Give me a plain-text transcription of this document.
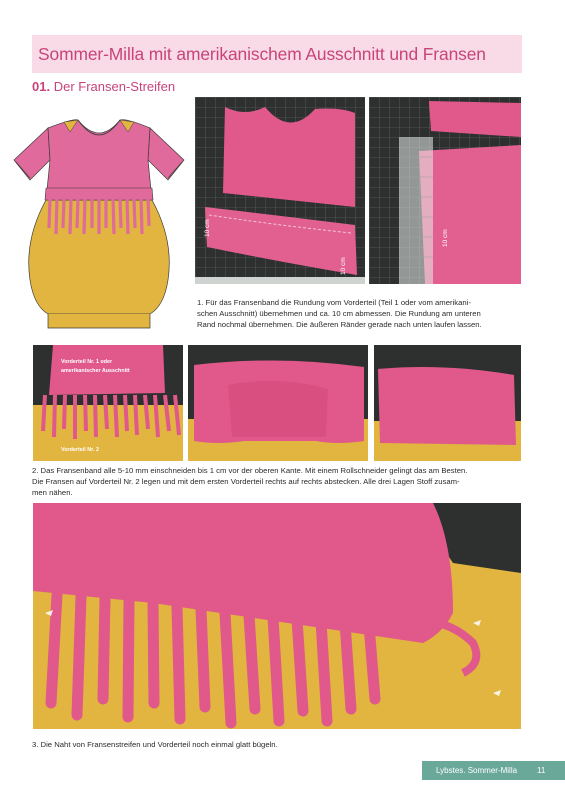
Sommer-Milla mit amerikanischem Ausschnitt und Fransen
01. Der Fransen-Streifen
10 cm
10 cm
10 cm
1. Für das Fransenband die Rundung vom Vorderteil (Teil 1 oder vom amerikani-
schen Ausschnitt) übernehmen und ca. 10 cm abmessen. Die Rundung am unteren
Rand nochmal übernehmen. Die äußeren Ränder gerade nach unten laufen lassen.
Vorderteil Nr. 1 oder
amerikanischer Ausschnitt
Vorderteil Nr. 2
2. Das Fransenband alle 5-10 mm einschneiden bis 1 cm vor der oberen Kante. Mit einem Rollschneider gelingt das am Besten.
Die Fransen auf Vorderteil Nr. 2 legen und mit dem ersten Vorderteil rechts auf rechts abstecken. Alle drei Lagen Stoff zusam-
men nähen.
3. Die Naht von Fransenstreifen und Vorderteil noch einmal glatt bügeln.
Lybstes. Sommer-Milla 11
